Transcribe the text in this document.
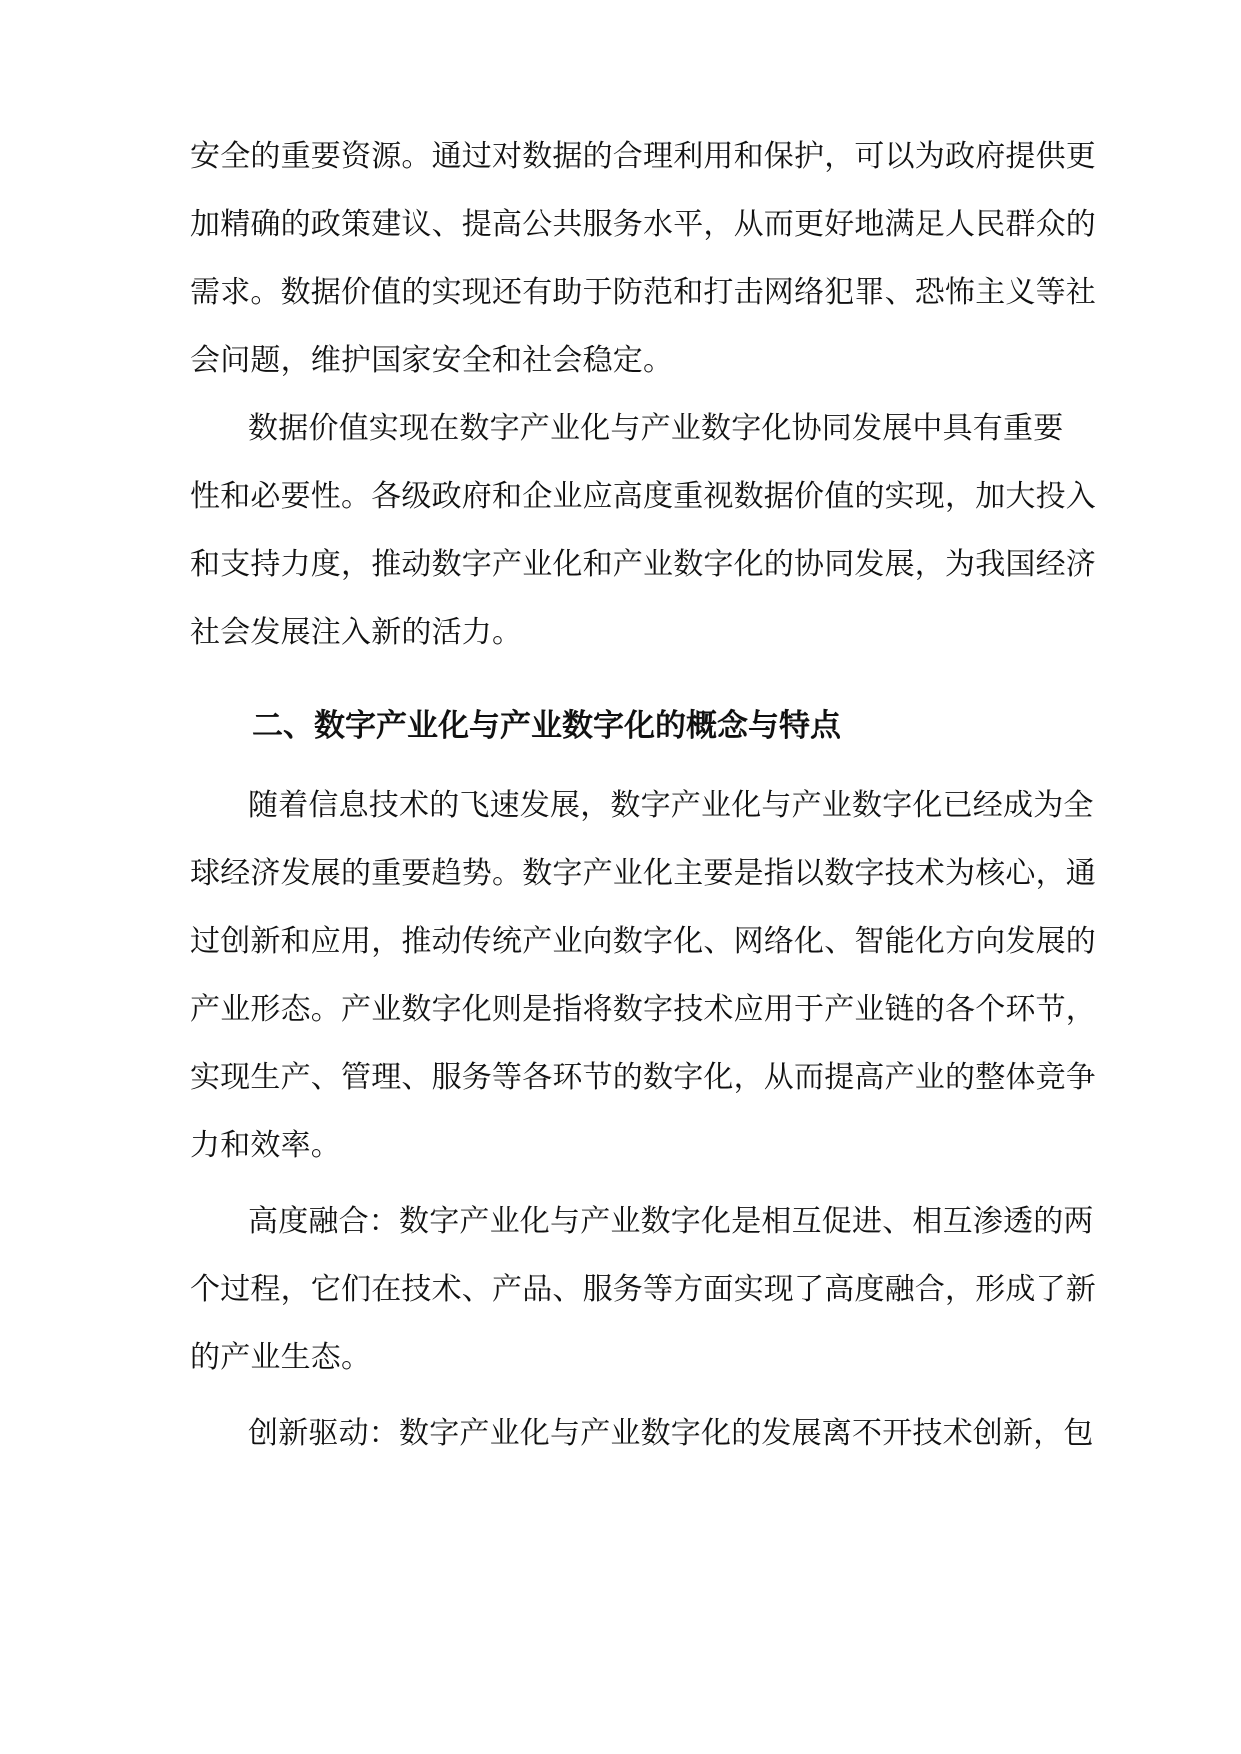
安全的重要资源。通过对数据的合理利用和保护，可以为政府提供更
加精确的政策建议、提高公共服务水平，从而更好地满足人民群众的
需求。数据价值的实现还有助于防范和打击网络犯罪、恐怖主义等社
会问题，维护国家安全和社会稳定。
数据价值实现在数字产业化与产业数字化协同发展中具有重要
性和必要性。各级政府和企业应高度重视数据价值的实现，加大投入
和支持力度，推动数字产业化和产业数字化的协同发展，为我国经济
社会发展注入新的活力。
二、数字产业化与产业数字化的概念与特点
随着信息技术的飞速发展，数字产业化与产业数字化已经成为全
球经济发展的重要趋势。数字产业化主要是指以数字技术为核心，通
过创新和应用，推动传统产业向数字化、网络化、智能化方向发展的
产业形态。产业数字化则是指将数字技术应用于产业链的各个环节，
实现生产、管理、服务等各环节的数字化，从而提高产业的整体竞争
力和效率。
高度融合：数字产业化与产业数字化是相互促进、相互渗透的两
个过程，它们在技术、产品、服务等方面实现了高度融合，形成了新
的产业生态。
创新驱动：数字产业化与产业数字化的发展离不开技术创新，包
